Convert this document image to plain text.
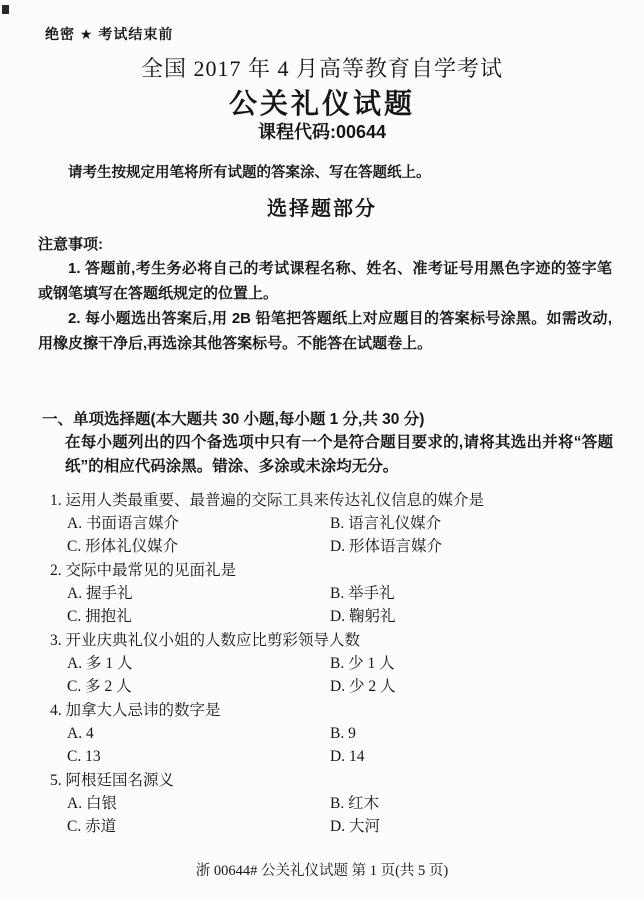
绝密 ★ 考试结束前
全国 2017 年 4 月高等教育自学考试
公关礼仪试题
课程代码:00644
请考生按规定用笔将所有试题的答案涂、写在答题纸上。
选择题部分
注意事项:

1. 答题前,考生务必将自己的考试课程名称、姓名、准考证号用黑色字迹的签字笔或钢笔填写在答题纸规定的位置上。

2. 每小题选出答案后,用 2B 铅笔把答题纸上对应题目的答案标号涂黑。如需改动,用橡皮擦干净后,再选涂其他答案标号。不能答在试题卷上。

一、单项选择题(本大题共 30 小题,每小题 1 分,共 30 分)
在每小题列出的四个备选项中只有一个是符合题目要求的,请将其选出并将“答题纸”的相应代码涂黑。错涂、多涂或未涂均无分。
1. 运用人类最重要、最普遍的交际工具来传达礼仪信息的媒介是
A. 书面语言媒介	B. 语言礼仪媒介
C. 形体礼仪媒介	D. 形体语言媒介
2. 交际中最常见的见面礼是
A. 握手礼	B. 举手礼
C. 拥抱礼	D. 鞠躬礼
3. 开业庆典礼仪小姐的人数应比剪彩领导人数
A. 多 1 人	B. 少 1 人
C. 多 2 人	D. 少 2 人
4. 加拿大人忌讳的数字是
A. 4	B. 9
C. 13	D. 14
5. 阿根廷国名源义
A. 白银	B. 红木
C. 赤道	D. 大河
浙 00644# 公关礼仪试题 第 1 页(共 5 页)
